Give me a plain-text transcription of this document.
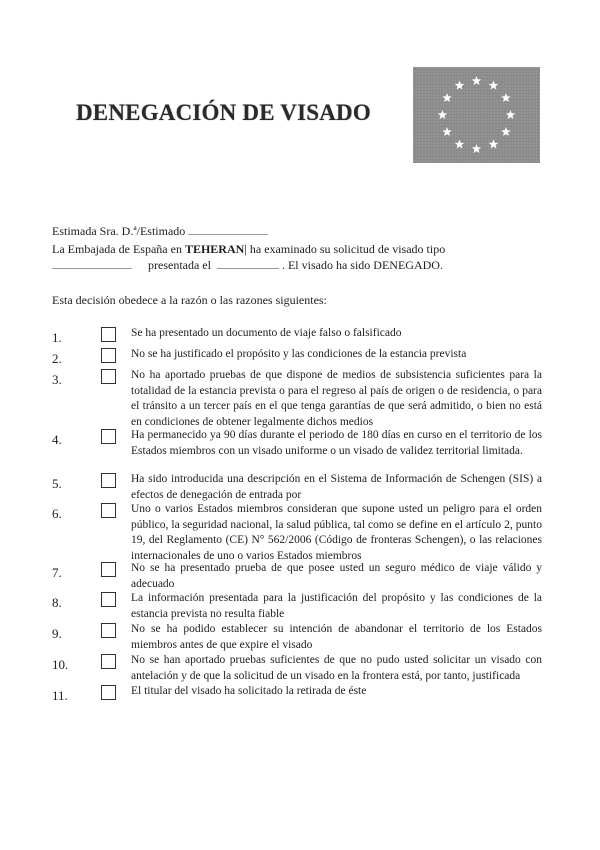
DENEGACIÓN DE VISADO
Estimada Sra. D.ª/Estimado
La Embajada de España en TEHERAN| ha examinado su solicitud de visado tipo
presentada el	. El visado ha sido DENEGADO.
Esta decisión obedece a la razón o las razones siguientes:
1.	Se ha presentado un documento de viaje falso o falsificado
2.	No se ha justificado el propósito y las condiciones de la estancia prevista
3.	No ha aportado pruebas de que dispone de medios de subsistencia suficientes para la totalidad de la estancia prevista o para el regreso al país de origen o de residencia, o para el tránsito a un tercer país en el que tenga garantías de que será admitido, o bien no está en condiciones de obtener legalmente dichos medios
4.	Ha permanecido ya 90 días durante el periodo de 180 días en curso en el territorio de los Estados miembros con un visado uniforme o un visado de validez territorial limitada.
5.	Ha sido introducida una descripción en el Sistema de Información de Schengen (SIS) a efectos de denegación de entrada por
6.	Uno o varios Estados miembros consideran que supone usted un peligro para el orden público, la seguridad nacional, la salud pública, tal como se define en el artículo 2, punto 19, del Reglamento (CE) N° 562/2006 (Código de fronteras Schengen), o las relaciones internacionales de uno o varios Estados miembros
7.	No se ha presentado prueba de que posee usted un seguro médico de viaje válido y adecuado
8.	La información presentada para la justificación del propósito y las condiciones de la estancia prevista no resulta fiable
9.	No se ha podido establecer su intención de abandonar el territorio de los Estados miembros antes de que expire el visado
10.	No se han aportado pruebas suficientes de que no pudo usted solicitar un visado con antelación y de que la solicitud de un visado en la frontera está, por tanto, justificada
11.	El titular del visado ha solicitado la retirada de éste
